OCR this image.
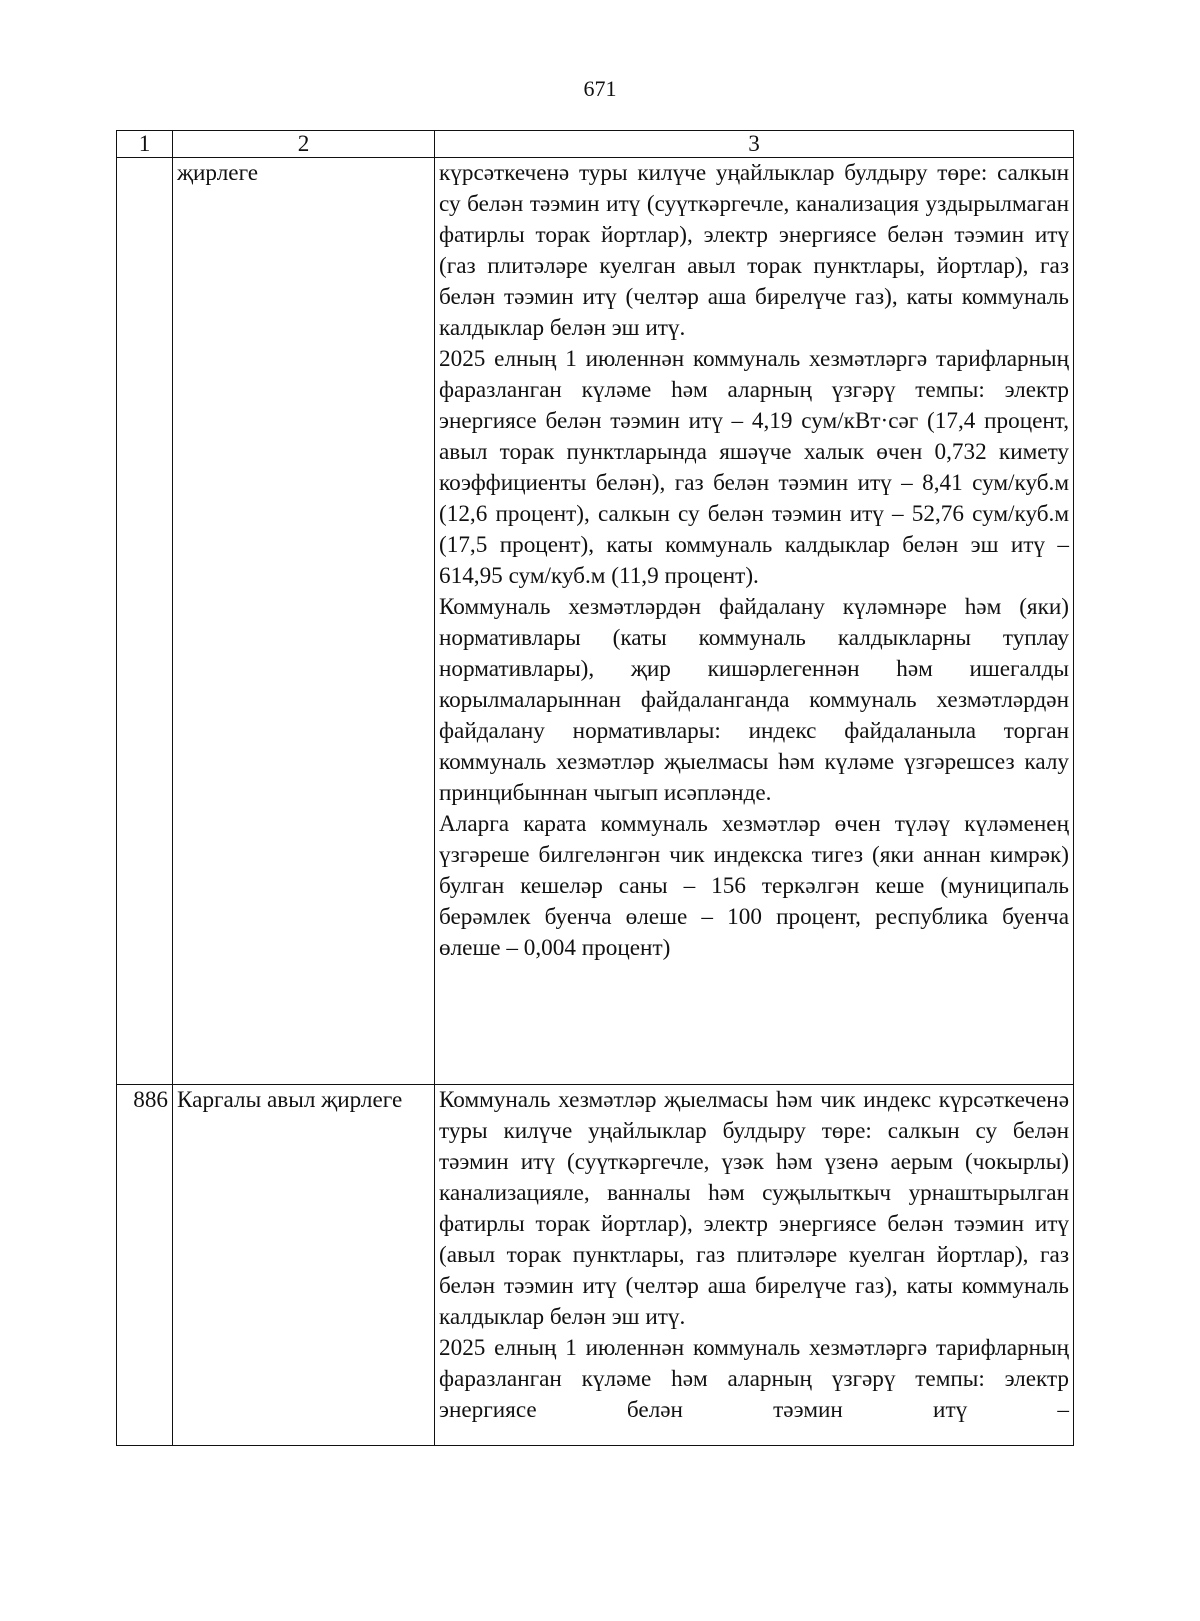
671
1	2	3
	җирлеге	күрсәткеченә туры килүче уңайлыклар булдыру төре: салкын су белән тәэмин итү (суүткәргечле, канализация уздырылмаган фатирлы торак йортлар), электр энергиясе белән тәэмин итү (газ плитәләре куелган авыл торак пунктлары, йортлар), газ белән тәэмин итү (челтәр аша бирелүче газ), каты коммуналь калдыклар белән эш итү.

2025 елның 1 июленнән коммуналь хезмәтләргә тарифларның фаразланган күләме һәм аларның үзгәрү темпы: электр энергиясе белән тәэмин итү – 4,19 сум/кВт·сәг (17,4 процент, авыл торак пунктларында яшәүче халык өчен 0,732 кимету коэффициенты белән), газ белән тәэмин итү – 8,41 сум/куб.м (12,6 процент), салкын су белән тәэмин итү – 52,76 сум/куб.м (17,5 процент), каты коммуналь калдыклар белән эш итү – 614,95 сум/куб.м (11,9 процент).

Коммуналь хезмәтләрдән файдалану күләмнәре һәм (яки) нормативлары (каты коммуналь калдыкларны туплау нормативлары), җир кишәрлегеннән һәм ишегалды корылмаларыннан файдаланганда коммуналь хезмәтләрдән файдалану нормативлары: индекс файдаланыла торган коммуналь хезмәтләр җыелмасы һәм күләме үзгәрешсез калу принцибыннан чыгып исәпләнде.

Аларга карата коммуналь хезмәтләр өчен түләү күләменең үзгәреше билгеләнгән чик индекска тигез (яки аннан кимрәк) булган кешеләр саны – 156 теркәлгән кеше (муниципаль берәмлек буенча өлеше – 100 процент, республика буенча өлеше – 0,004 процент)

886	Каргалы авыл җирлеге	Коммуналь хезмәтләр җыелмасы һәм чик индекс күрсәткеченә туры килүче уңайлыклар булдыру төре: салкын су белән тәэмин итү (суүткәргечле, үзәк һәм үзенә аерым (чокырлы) канализацияле, ванналы һәм суҗылыткыч урнаштырылган фатирлы торак йортлар), электр энергиясе белән тәэмин итү (авыл торак пунктлары, газ плитәләре куелган йортлар), газ белән тәэмин итү (челтәр аша бирелүче газ), каты коммуналь калдыклар белән эш итү.

2025 елның 1 июленнән коммуналь хезмәтләргә тарифларның фаразланган күләме һәм аларның үзгәрү темпы: электр энергиясе белән тәэмин итү –
